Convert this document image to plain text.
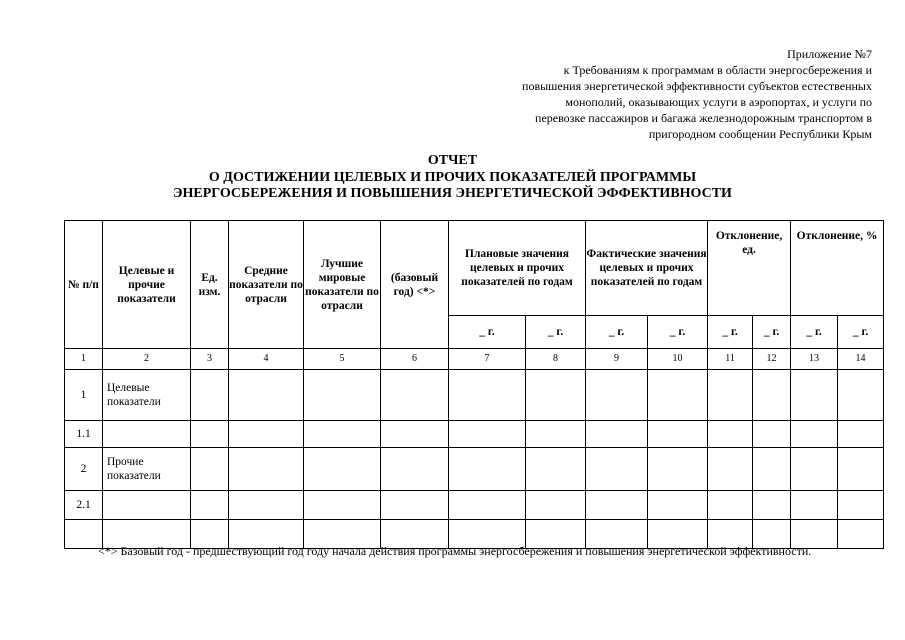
Приложение №7
к Требованиям к программам в области энергосбережения и
повышения энергетической эффективности субъектов естественных
монополий, оказывающих услуги в аэропортах, и услуги по
перевозке пассажиров и багажа железнодорожным транспортом в
пригородном сообщении Республики Крым
ОТЧЕТ
О ДОСТИЖЕНИИ ЦЕЛЕВЫХ И ПРОЧИХ ПОКАЗАТЕЛЕЙ ПРОГРАММЫ
ЭНЕРГОСБЕРЕЖЕНИЯ И ПОВЫШЕНИЯ ЭНЕРГЕТИЧЕСКОЙ ЭФФЕКТИВНОСТИ
№ п/п	Целевые и прочие показатели	Ед. изм.	Средние показатели по отрасли	Лучшие мировые показатели по отрасли	(базовый год) <*>	Плановые значения целевых и прочих показателей по годам		Фактические значения целевых и прочих показателей по годам		Отклонение, ед.		Отклонение, %	
						_ г.	_ г.	_ г.	_ г.	_ г.	_ г.	_ г.	_ г.
1	2	3	4	5	6	7	8	9	10	11	12	13	14
1	Целевые показатели												
1.1													
2	Прочие показатели												
2.1													

<*> Базовый год - предшествующий год году начала действия программы энергосбережения и повышения энергетической эффективности.
